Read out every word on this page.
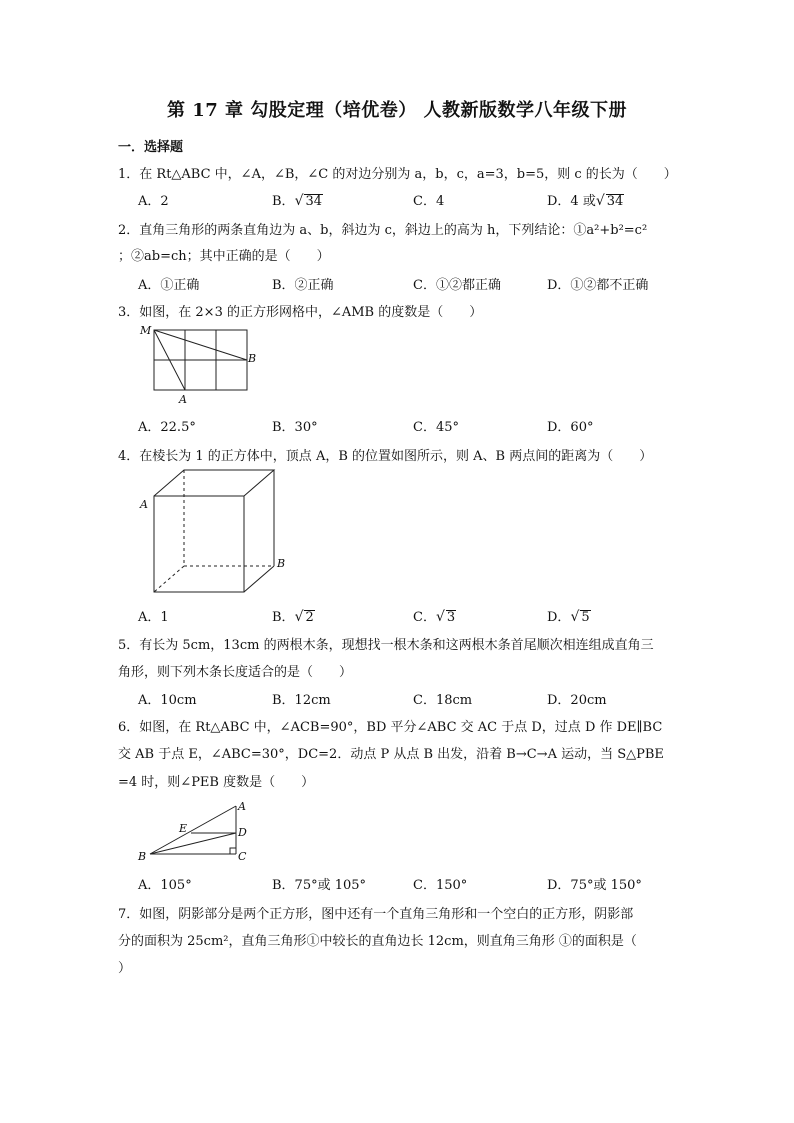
第 17 章 勾股定理（培优卷） 人教新版数学八年级下册
一．选择题
1．在 Rt△ABC 中，∠A，∠B，∠C 的对边分别为 a，b，c，a=3，b=5，则 c 的长为（　　）
A．2	B．√ 34	C．4	D．4 或√ 34
2．直角三角形的两条直角边为 a、b，斜边为 c，斜边上的高为 h，下列结论：①a²+b²=c²
；②ab=ch；其中正确的是（　　）
A．①正确	B．②正确	C．①②都正确	D．①②都不正确
3．如图，在 2×3 的正方形网格中，∠AMB 的度数是（　　）
M
B
A
A．22.5°	B．30°	C．45°	D．60°
4．在棱长为 1 的正方体中，顶点 A，B 的位置如图所示，则 A、B 两点间的距离为（　　）
A
B
A．1	B．√ 2	C．√ 3	D．√ 5
5．有长为 5cm，13cm 的两根木条，现想找一根木条和这两根木条首尾顺次相连组成直角三
角形，则下列木条长度适合的是（　　）
A．10cm	B．12cm	C．18cm	D．20cm
6．如图，在 Rt△ABC 中，∠ACB=90°，BD 平分∠ABC 交 AC 于点 D，过点 D 作 DE∥BC
交 AB 于点 E，∠ABC=30°，DC=2．动点 P 从点 B 出发，沿着 B→C→A 运动，当 S△PBE
=4 时，则∠PEB 度数是（　　）
A
E	D
B	C
A．105°	B．75°或 105°	C．150°	D．75°或 150°
7．如图，阴影部分是两个正方形，图中还有一个直角三角形和一个空白的正方形，阴影部
分的面积为 25cm²，直角三角形①中较长的直角边长 12cm，则直角三角形 ①的面积是（
）
